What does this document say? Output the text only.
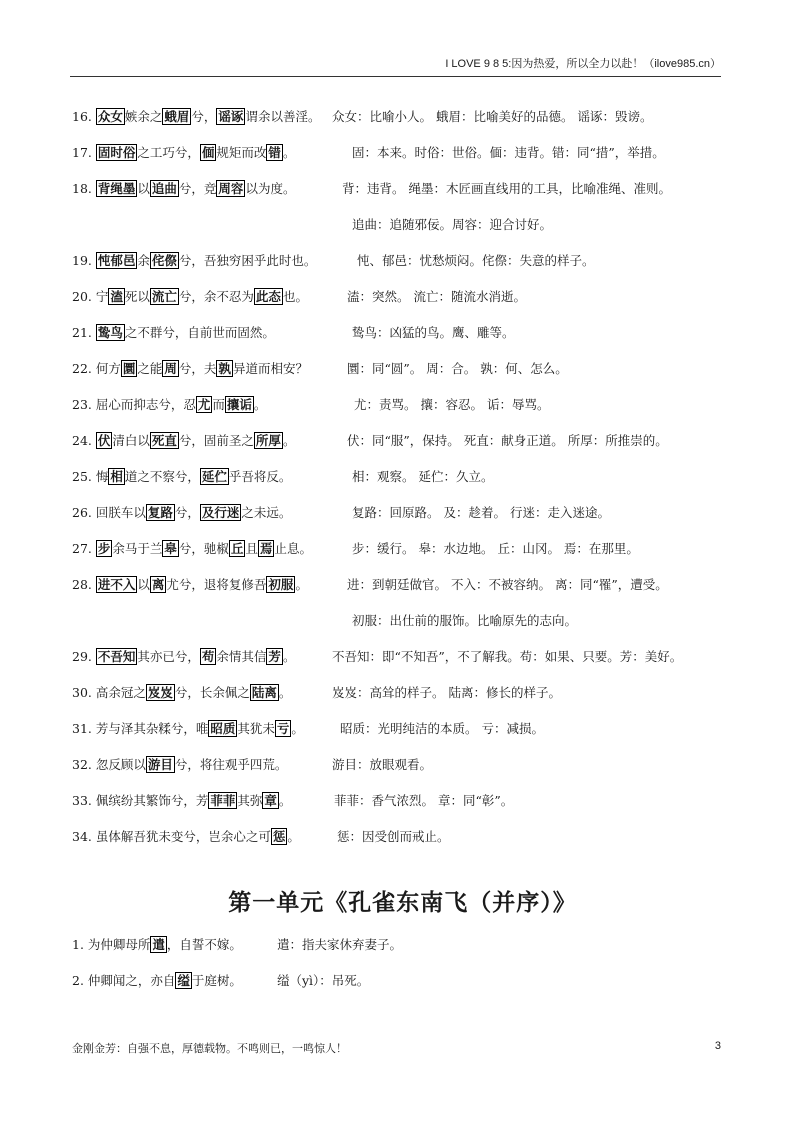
I LOVE 9 8 5:因为热爱，所以全力以赴！（ilove985.cn）
16. 众女 嫉余之 蛾眉 兮， 谣诼 谓余以善淫。 众女：比喻小人。 蛾眉：比喻美好的品德。 谣诼：毁谤。
17. 固时俗 之工巧兮， 偭 规矩而改 错 。	固：本来。时俗：世俗。偭：违背。错：同“措”，举措。
18. 背绳墨 以 追曲 兮，竞 周容 以为度。	背：违背。 绳墨：木匠画直线用的工具，比喻准绳、准则。
追曲：追随邪佞。周容：迎合讨好。
19. 忳郁邑 余 侘傺 兮，吾独穷困乎此时也。	忳、郁邑：忧愁烦闷。侘傺：失意的样子。
20. 宁 溘 死以 流亡 兮，余不忍为 此态 也。	溘：突然。 流亡：随流水消逝。
21. 鸷鸟 之不群兮，自前世而固然。	鸷鸟：凶猛的鸟。鹰、雕等。
22. 何方 圜 之能 周 兮，夫 孰 异道而相安？	圜：同“圆”。 周：合。 孰：何、怎么。
23. 屈心而抑志兮，忍 尤 而 攘诟 。	尤：责骂。 攘：容忍。 诟：辱骂。
24. 伏 清白以 死直 兮，固前圣之 所厚 。	伏：同“服”，保持。 死直：献身正道。 所厚：所推崇的。
25. 悔 相 道之不察兮， 延伫 乎吾将反。	相：观察。 延伫：久立。
26. 回朕车以 复路 兮， 及行迷 之未远。	复路：回原路。 及：趁着。 行迷：走入迷途。
27. 步 余马于兰 皋 兮，驰椒 丘 且 焉 止息。	步：缓行。 皋：水边地。 丘：山冈。 焉：在那里。
28. 进不入 以 离 尤兮，退将复修吾 初服 。	进：到朝廷做官。 不入：不被容纳。 离：同“罹”，遭受。
初服：出仕前的服饰。比喻原先的志向。
29. 不吾知 其亦已兮， 苟 余情其信 芳 。	不吾知：即“不知吾”，不了解我。苟：如果、只要。芳：美好。
30. 高余冠之 岌岌 兮，长余佩之 陆离 。	岌岌：高耸的样子。 陆离：修长的样子。
31. 芳与泽其杂糅兮，唯 昭质 其犹未 亏 。	昭质：光明纯洁的本质。 亏：减损。
32. 忽反顾以 游目 兮，将往观乎四荒。	游目：放眼观看。
33. 佩缤纷其繁饰兮，芳 菲菲 其弥 章 。	菲菲：香气浓烈。 章：同“彰”。
34. 虽体解吾犹未变兮，岂余心之可 惩 。	惩：因受创而戒止。
第一单元《孔雀东南飞（并序）》
1. 为仲卿母所 遣 ，自誓不嫁。	遣：指夫家休弃妻子。
2. 仲卿闻之，亦自 缢 于庭树。	缢（yì）：吊死。
金刚金芳：自强不息，厚德载物。不鸣则已，一鸣惊人！	3
